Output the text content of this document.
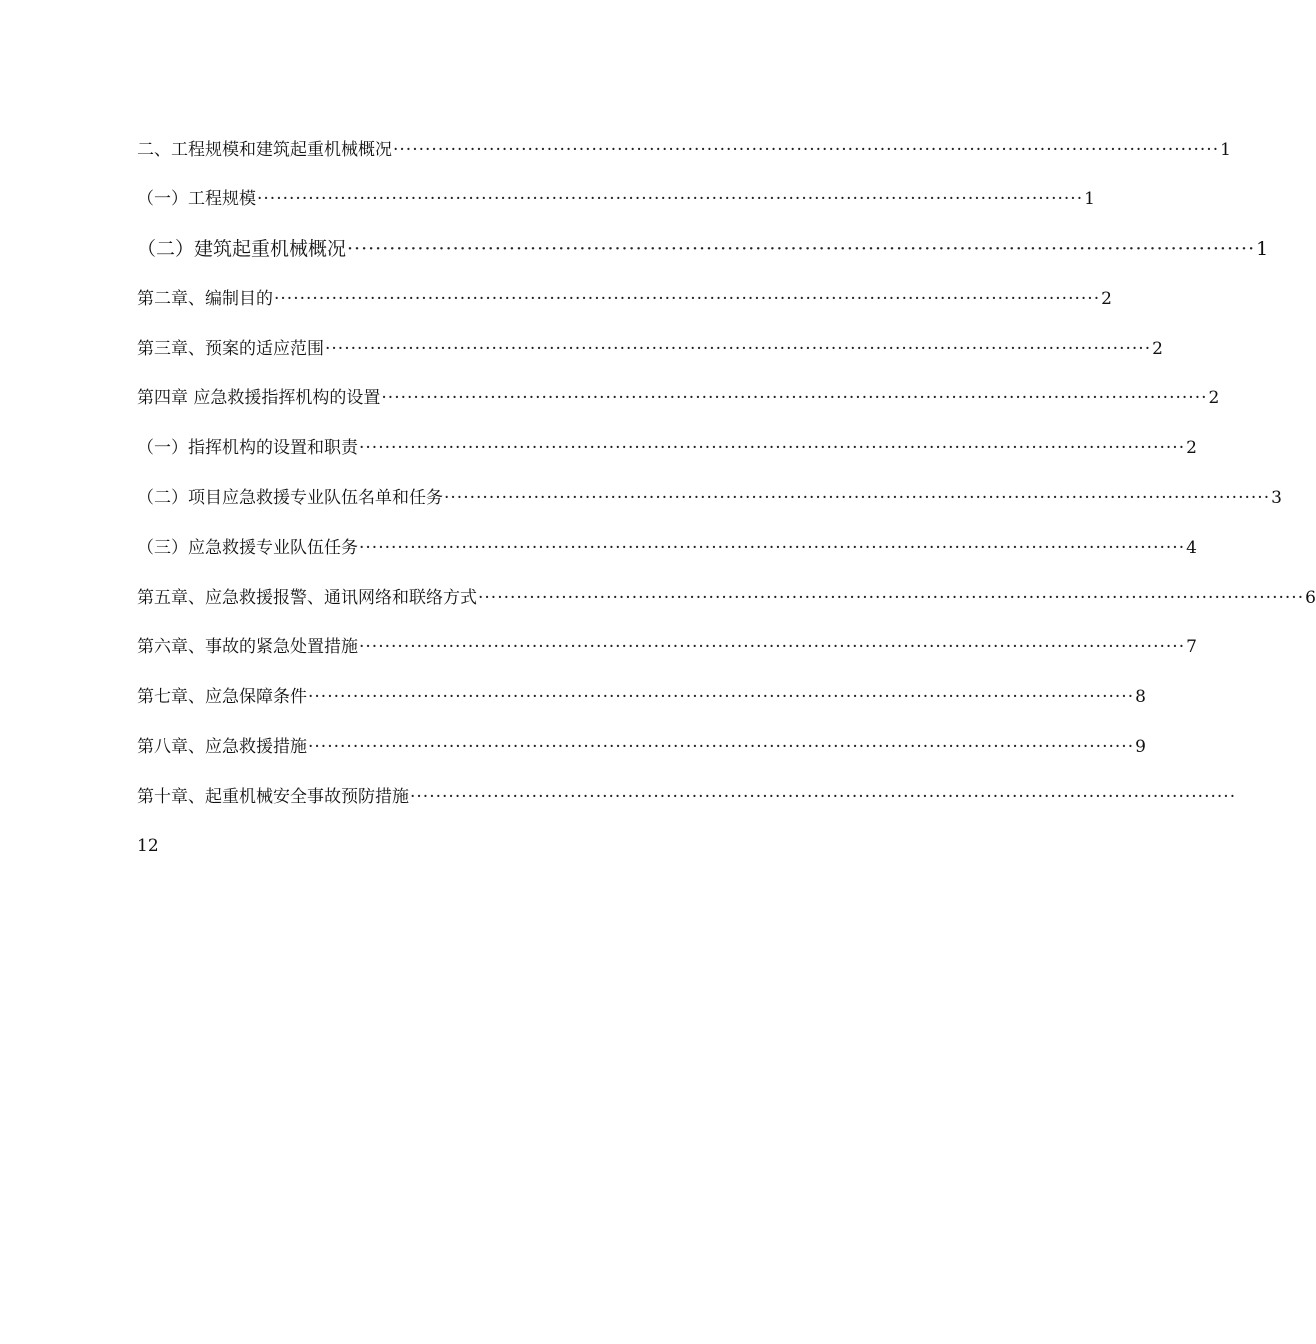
二、工程规模和建筑起重机械概况 ································································································································· 1
（一）工程规模 ································································································································· 1
（二）建筑起重机械概况 ································································································································· 1
第二章、编制目的 ································································································································· 2
第三章、预案的适应范围 ································································································································· 2
第四章 应急救援指挥机构的设置 ································································································································· 2
（一）指挥机构的设置和职责 ································································································································· 2
（二）项目应急救援专业队伍名单和任务 ································································································································· 3
（三）应急救援专业队伍任务 ································································································································· 4
第五章、应急救援报警、通讯网络和联络方式 ································································································································· 6
第六章、事故的紧急处置措施 ································································································································· 7
第七章、应急保障条件 ································································································································· 8
第八章、应急救援措施 ································································································································· 9
第十章、起重机械安全事故预防措施 ·································································································································
12
